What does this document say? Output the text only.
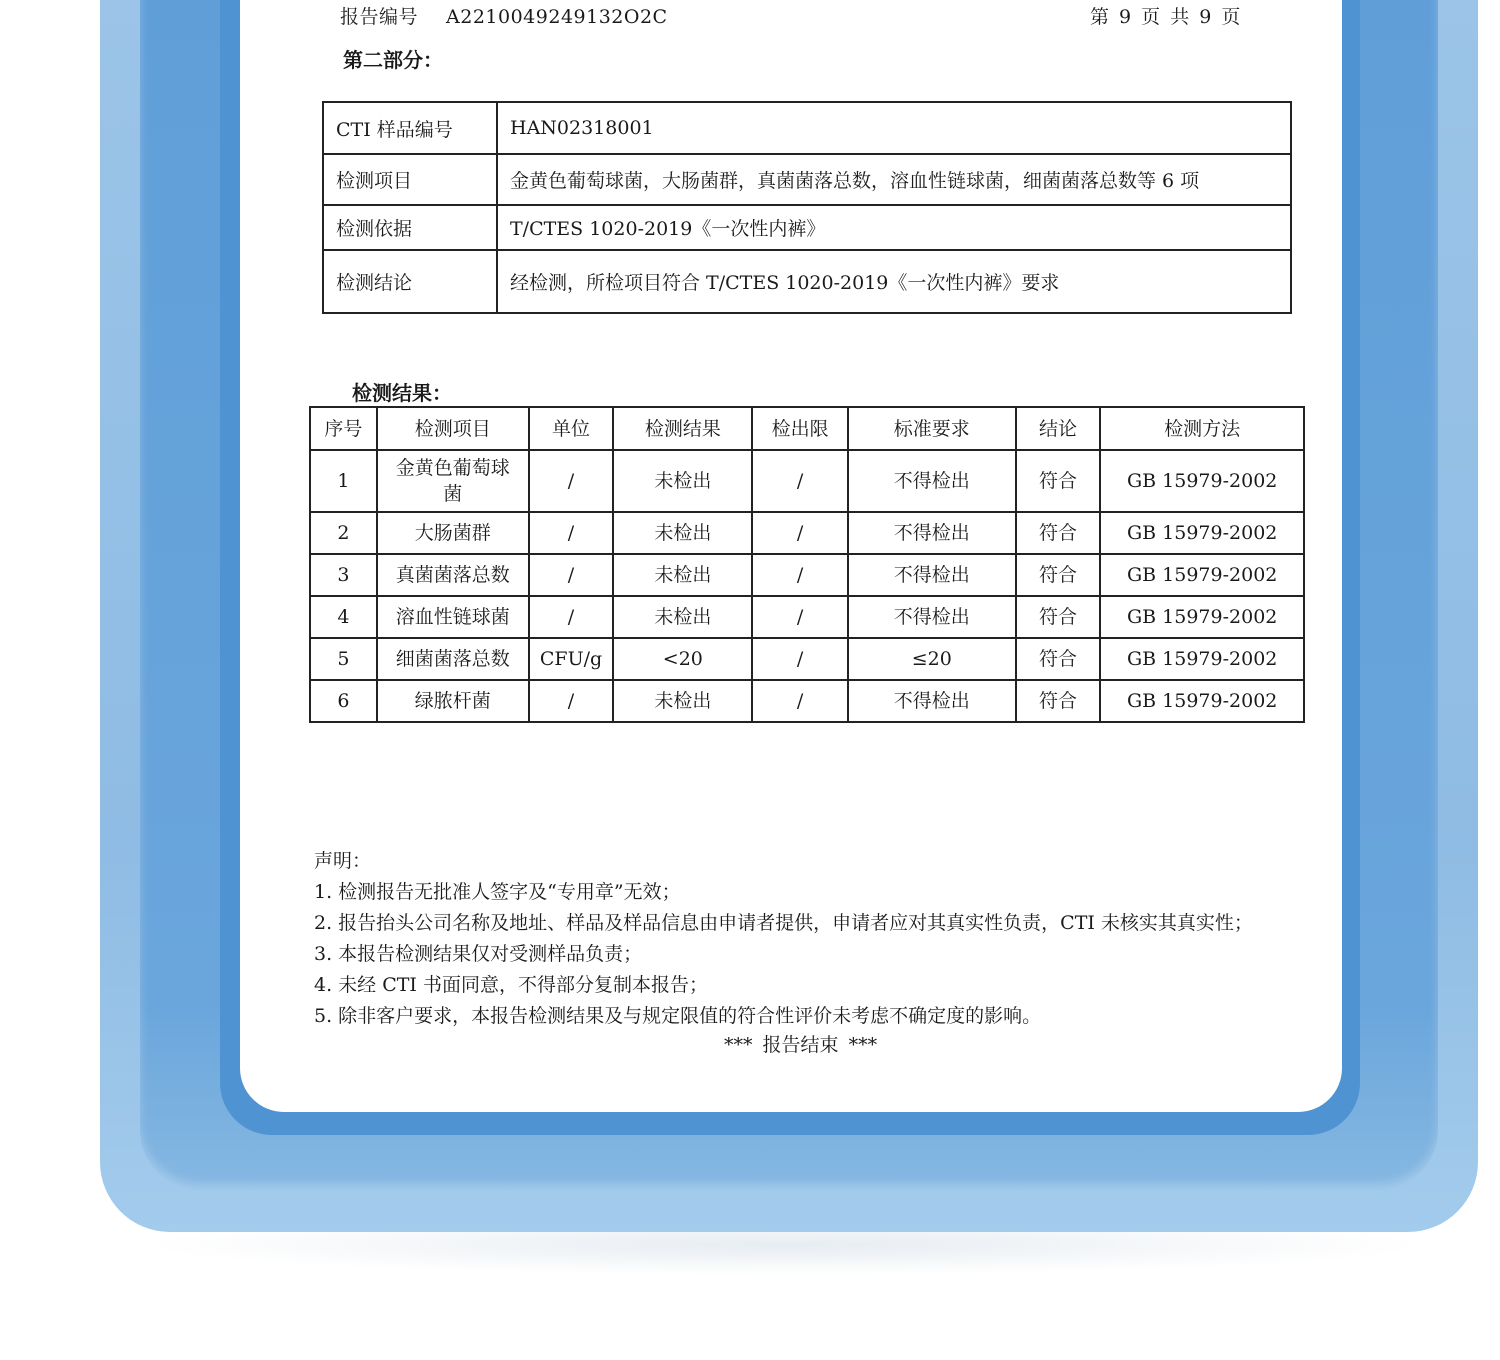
报告编号 A2210049249132O2C	第 9 页 共 9 页
第二部分：
CTI 样品编号	HAN02318001
检测项目	金黄色葡萄球菌，大肠菌群，真菌菌落总数，溶血性链球菌，细菌菌落总数等 6 项
检测依据	T/CTES 1020-2019《一次性内裤》
检测结论	经检测，所检项目符合 T/CTES 1020-2019《一次性内裤》要求
检测结果：
序号	检测项目	单位	检测结果	检出限	标准要求	结论	检测方法
1	金黄色葡萄球菌	/	未检出	/	不得检出	符合	GB 15979-2002
2	大肠菌群	/	未检出	/	不得检出	符合	GB 15979-2002
3	真菌菌落总数	/	未检出	/	不得检出	符合	GB 15979-2002
4	溶血性链球菌	/	未检出	/	不得检出	符合	GB 15979-2002
5	细菌菌落总数	CFU/g	<20	/	≤20	符合	GB 15979-2002
6	绿脓杆菌	/	未检出	/	不得检出	符合	GB 15979-2002
声明：
1. 检测报告无批准人签字及“专用章”无效；
2. 报告抬头公司名称及地址、样品及样品信息由申请者提供，申请者应对其真实性负责，CTI 未核实其真实性；
3. 本报告检测结果仅对受测样品负责；
4. 未经 CTI 书面同意，不得部分复制本报告；
5. 除非客户要求，本报告检测结果及与规定限值的符合性评价未考虑不确定度的影响。
*** 报告结束 ***
